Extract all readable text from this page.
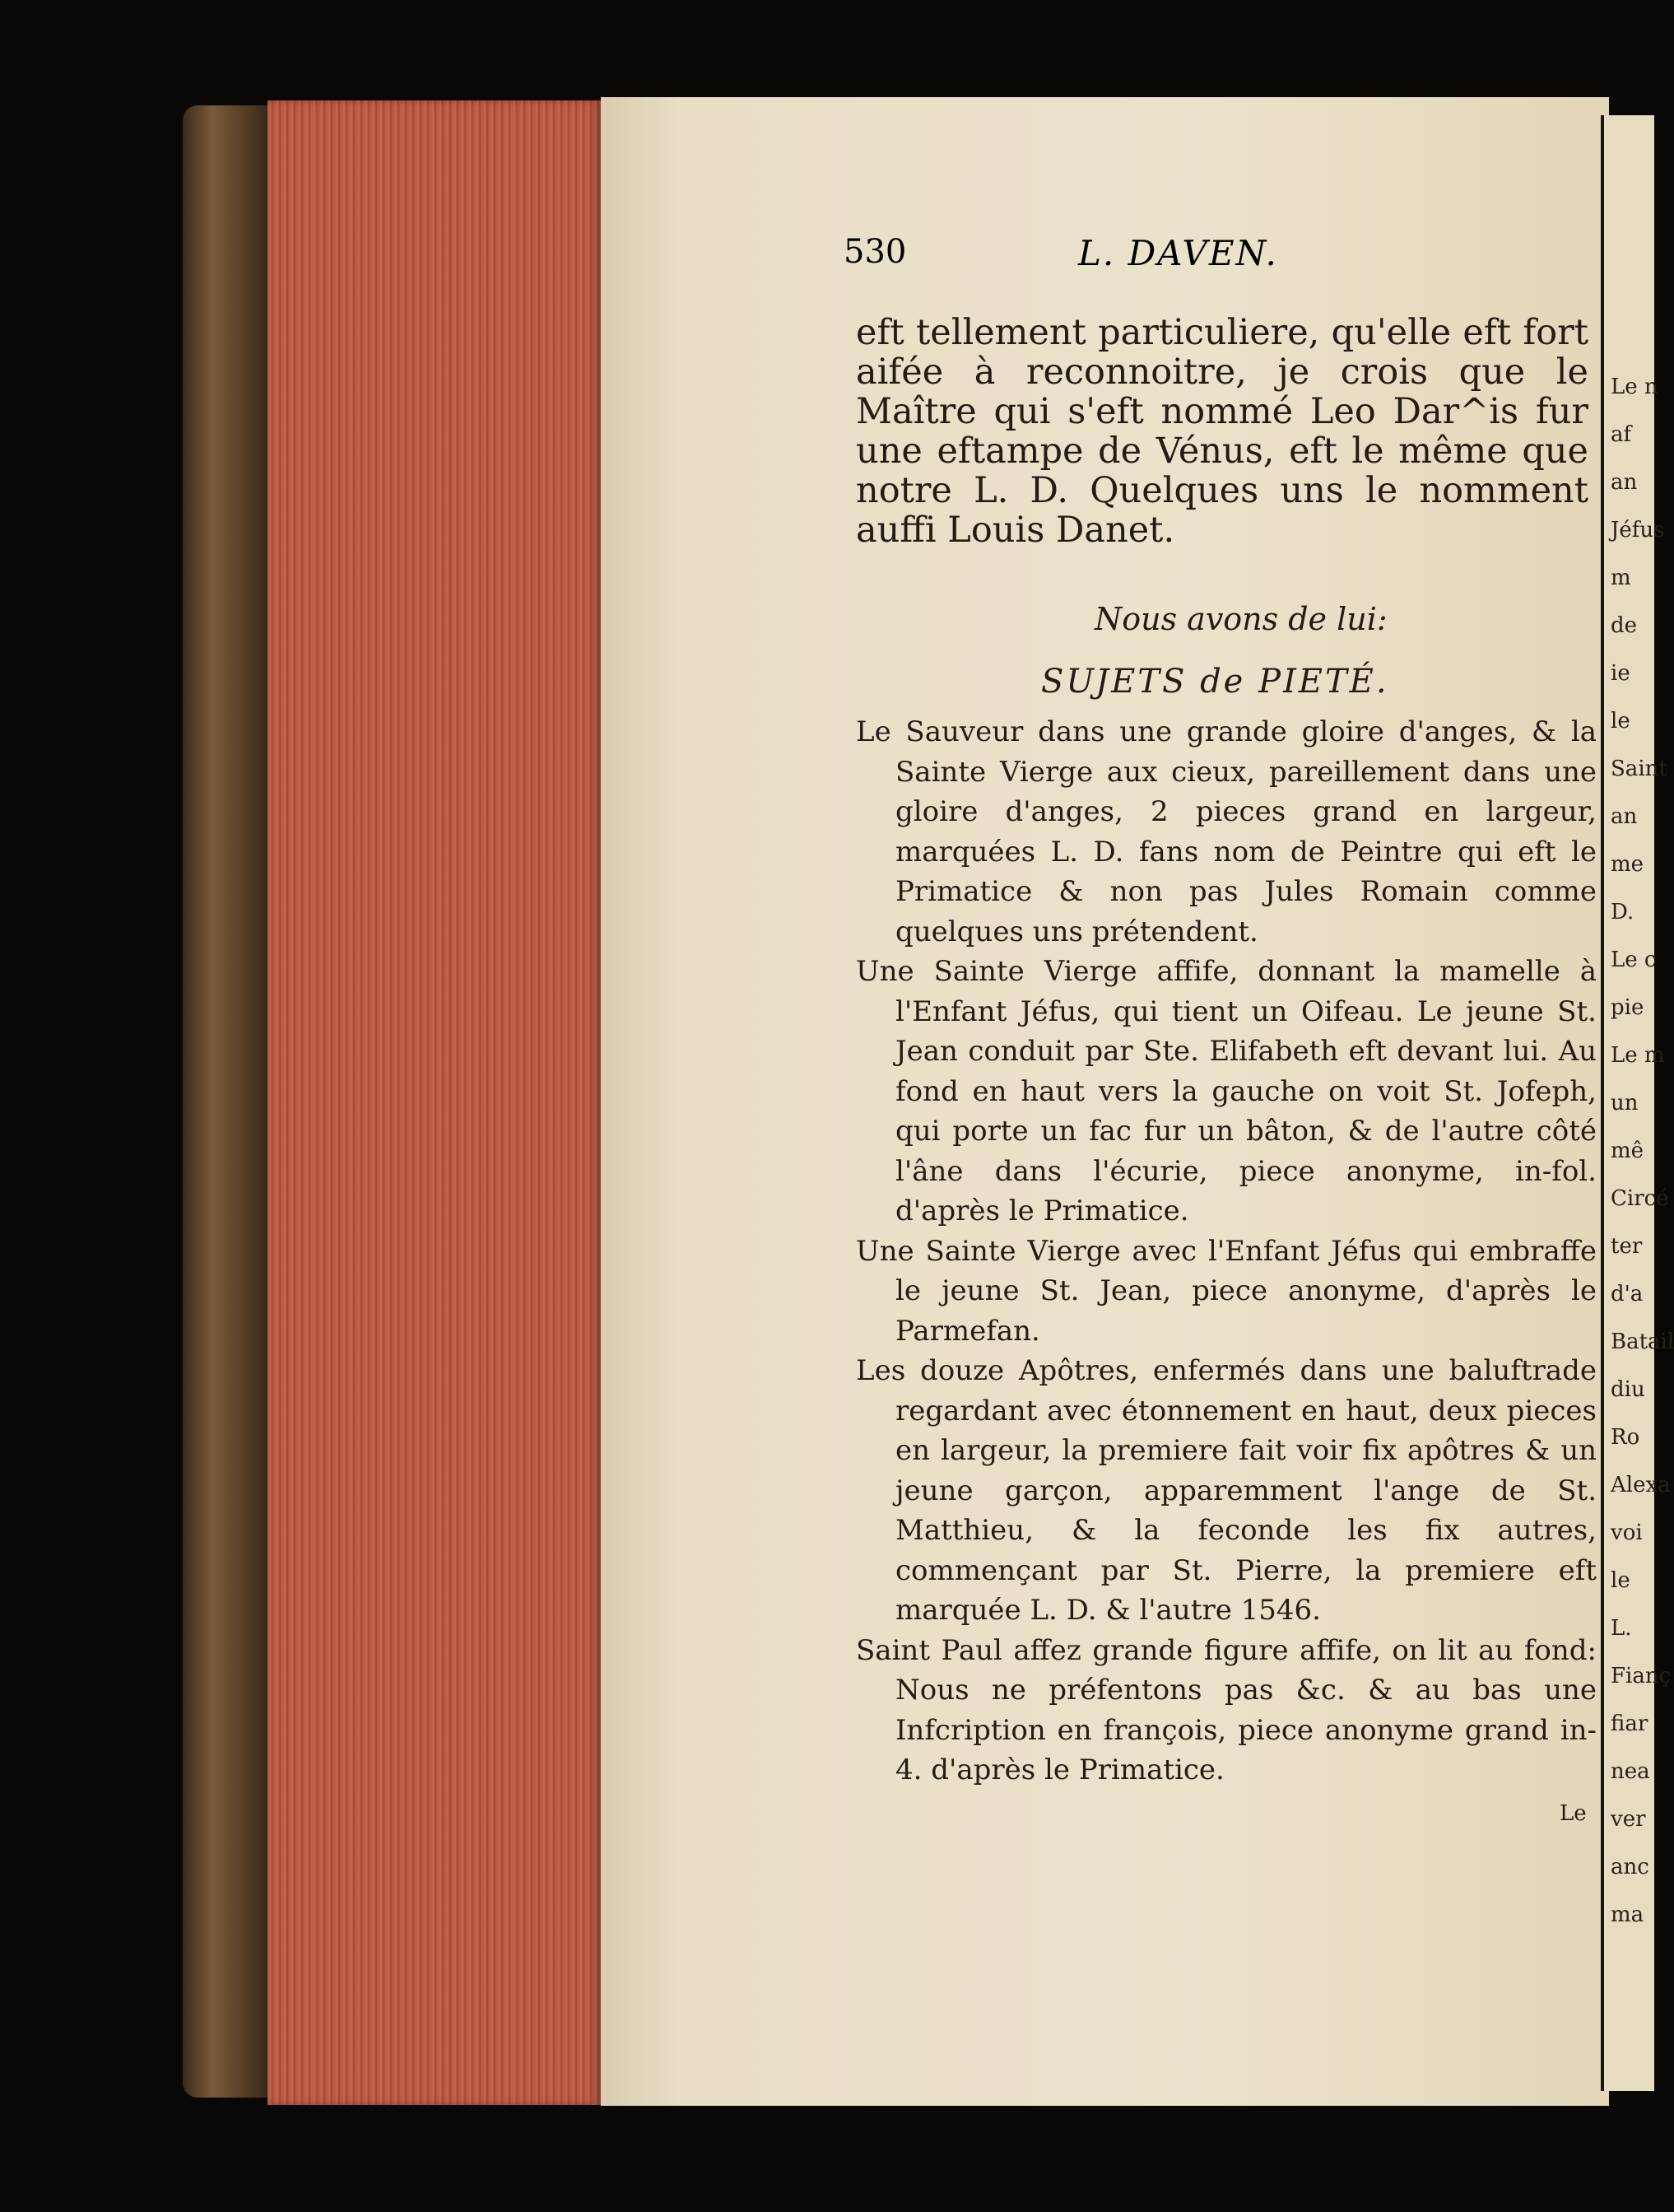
Le n
af
an
Jéfus
m
de
ie
le
Saint
an
me
D.
Le c
pie
Le m
un
mê
Circé
ter
d'a
Batail
diu
Ro
Alexa
voi
le
L.
Fianç
fiar
nea
ver
anc
ma
530	L. DAVEN.

eft tellement particuliere, qu'elle eft fort aifée à reconnoitre, je crois que le Maître qui s'eft nommé Leo Dar^is fur une eftampe de Vénus, eft le même que notre L. D. Quelques uns le nomment auffi Louis Danet.

Nous avons de lui:
SUJETS de PIETÉ.

Le Sauveur dans une grande gloire d'anges, & la Sainte Vierge aux cieux, pareillement dans une gloire d'anges, 2 pieces grand en largeur, marquées L. D. fans nom de Peintre qui eft le Primatice & non pas Jules Romain comme quelques uns prétendent.

Une Sainte Vierge affife, donnant la mamelle à l'Enfant Jéfus, qui tient un Oifeau. Le jeune St. Jean conduit par Ste. Elifabeth eft devant lui. Au fond en haut vers la gauche on voit St. Jofeph, qui porte un fac fur un bâton, & de l'autre côté l'âne dans l'écurie, piece anonyme, in-fol. d'après le Primatice.

Une Sainte Vierge avec l'Enfant Jéfus qui embraffe le jeune St. Jean, piece anonyme, d'après le Parmefan.

Les douze Apôtres, enfermés dans une baluftrade regardant avec étonnement en haut, deux pieces en largeur, la premiere fait voir fix apôtres & un jeune garçon, apparemment l'ange de St. Matthieu, & la feconde les fix autres, commençant par St. Pierre, la premiere eft marquée L. D. & l'autre 1546.

Saint Paul affez grande figure affife, on lit au fond: Nous ne préfentons pas &c. & au bas une Infcription en françois, piece anonyme grand in-4. d'après le Primatice.

Le
